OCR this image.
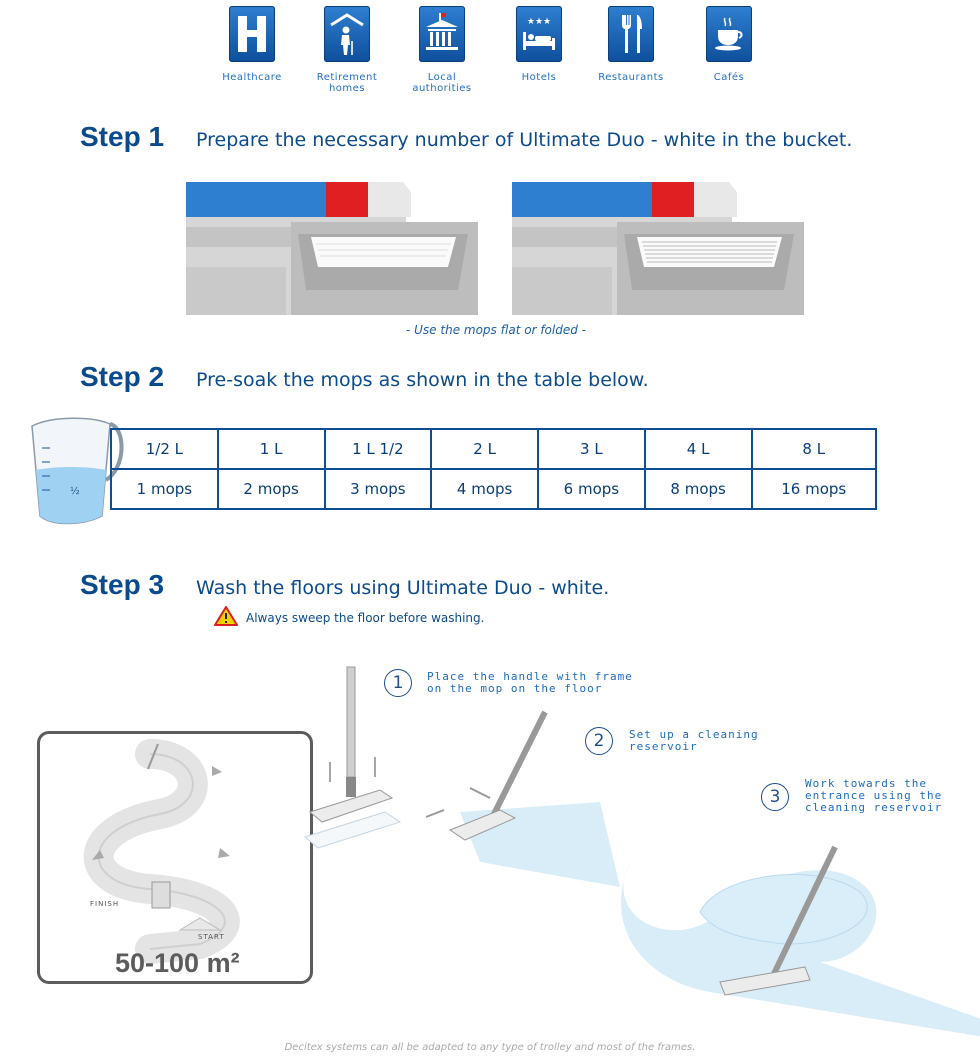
Healthcare	Retirement
homes
Local
authorities
★★★
Hotels	Restaurants	Cafés
Step 1 Prepare the necessary number of Ultimate Duo - white in the bucket.
- Use the mops flat or folded -
Step 2 Pre-soak the mops as shown in the table below.
½
1/2 L	1 L	1 L 1/2	2 L	3 L	4 L	8 L
1 mops	2 mops	3 mops	4 mops	6 mops	8 mops	16 mops
Step 3 Wash the floors using Ultimate Duo - white.
Always sweep the floor before washing.
1	Place the handle with frame
on the mop on the floor
2	Set up a cleaning
reservoir
3
Work towards the
entrance using the
cleaning reservoir
FINISH
START
50-100 m²
Decitex systems can all be adapted to any type of trolley and most of the frames.
